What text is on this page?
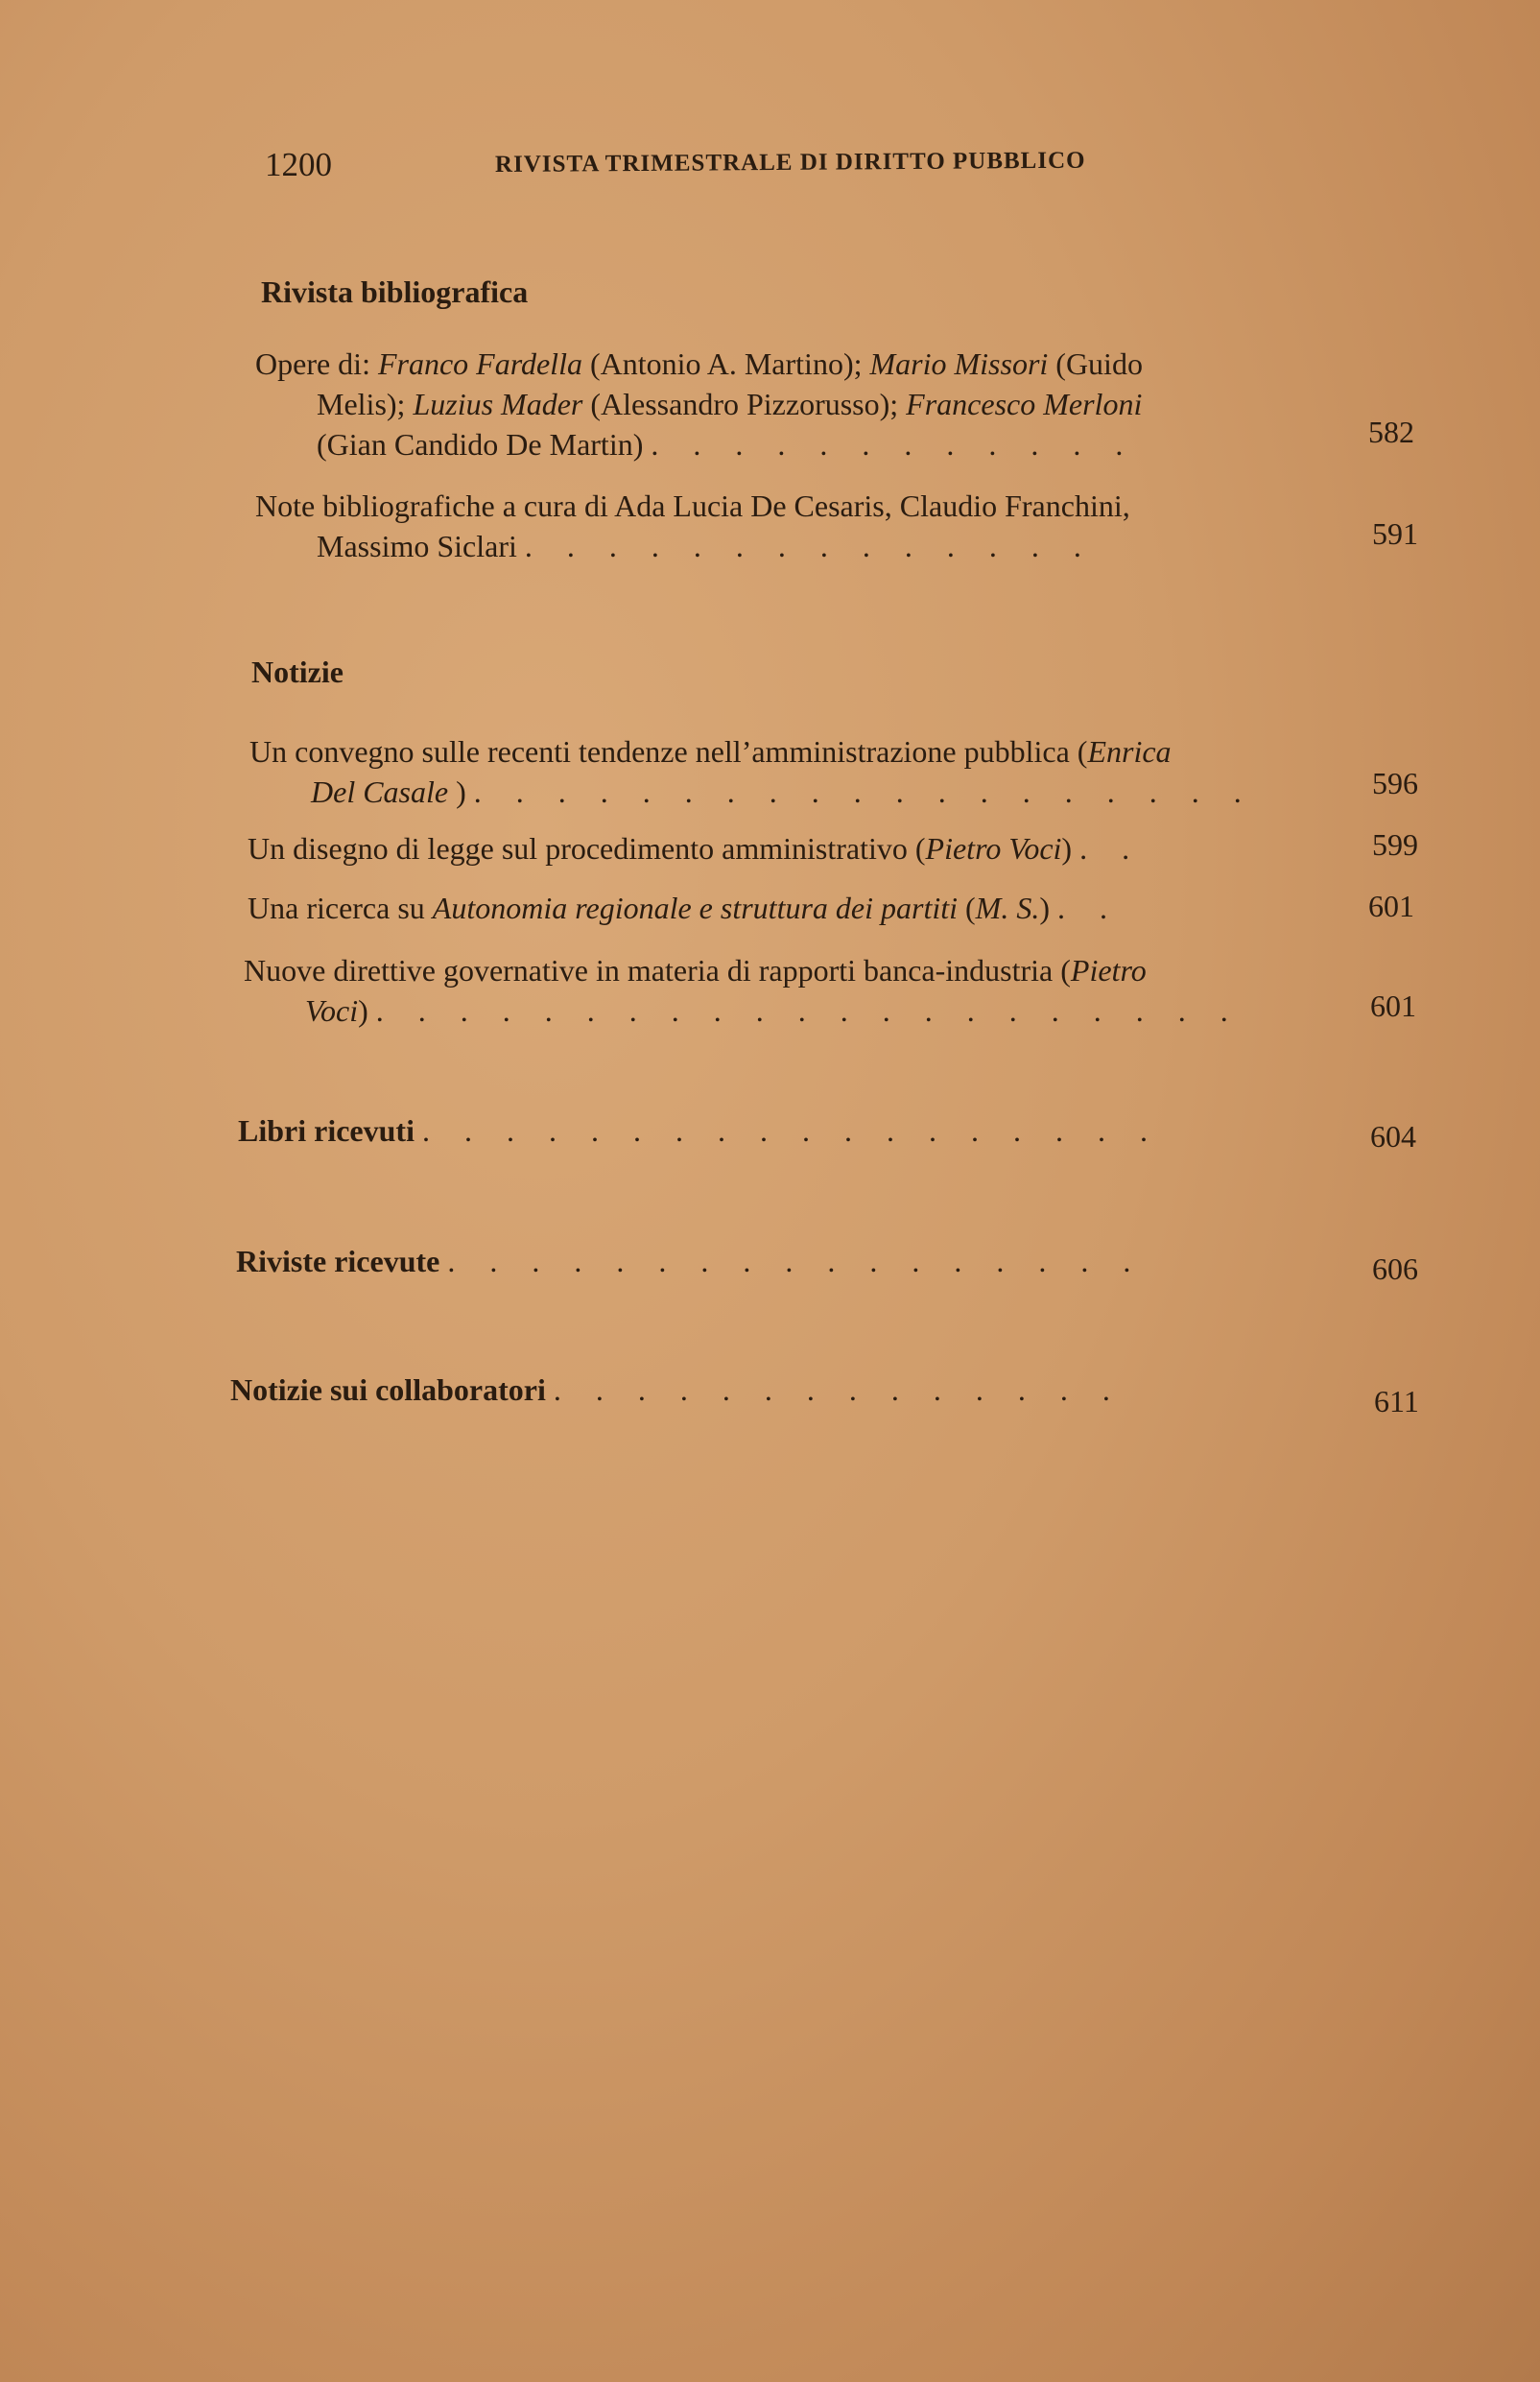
1200	RIVISTA TRIMESTRALE DI DIRITTO PUBBLICO
Rivista bibliografica
Opere di: Franco Fardella (Antonio A. Martino); Mario Missori (Guido
Melis); Luzius Mader (Alessandro Pizzorusso); Francesco Merloni
(Gian Candido De Martin) . . . . . . . . . . . .	582
Note bibliografiche a cura di Ada Lucia De Cesaris, Claudio Franchini,
Massimo Siclari . . . . . . . . . . . . . .	591
Notizie
Un convegno sulle recenti tendenze nell’amministrazione pubblica (Enrica
Del Casale ) . . . . . . . . . . . . . . . . . . .	596
Un disegno di legge sul procedimento amministrativo (Pietro Voci) . .	599
Una ricerca su Autonomia regionale e struttura dei partiti (M. S.) . .	601
Nuove direttive governative in materia di rapporti banca-industria (Pietro
Voci) . . . . . . . . . . . . . . . . . . . . .	601
Libri ricevuti . . . . . . . . . . . . . . . . . .	604
Riviste ricevute . . . . . . . . . . . . . . . . .	606
Notizie sui collaboratori . . . . . . . . . . . . . .	611
